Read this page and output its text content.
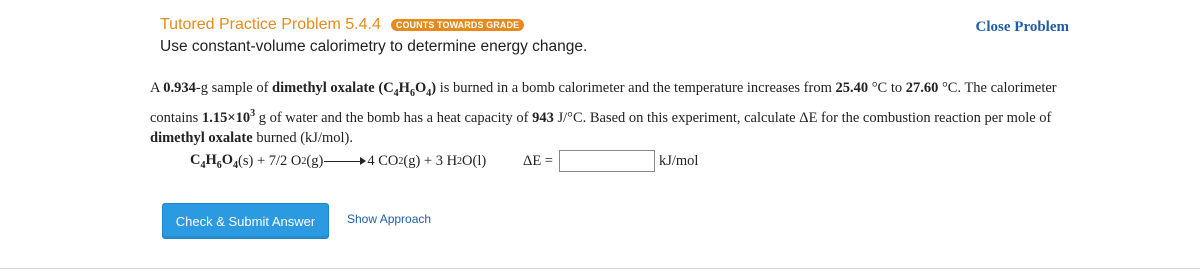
Tutored Practice Problem 5.4.4	COUNTS TOWARDS GRADE
Use constant-volume calorimetry to determine energy change.
Close Problem
A 0.934-g sample of dimethyl oxalate $(C_4H_6O_4)$ is burned in a bomb calorimeter and the temperature increases from 25.40 °C to 27.60 °C. The calorimeter contains $1.15\times 10^3$ g of water and the bomb has a heat capacity of 943 J/°C. Based on this experiment, calculate ΔE for the combustion reaction per mole of dimethyl oxalate burned (kJ/mol).
$C_4H_6O_4$ (s) + 7/2 O 2 (g)	4 CO 2 (g) + 3 H 2 O(l)	ΔE =	kJ/mol
Check & Submit Answer	Show Approach
